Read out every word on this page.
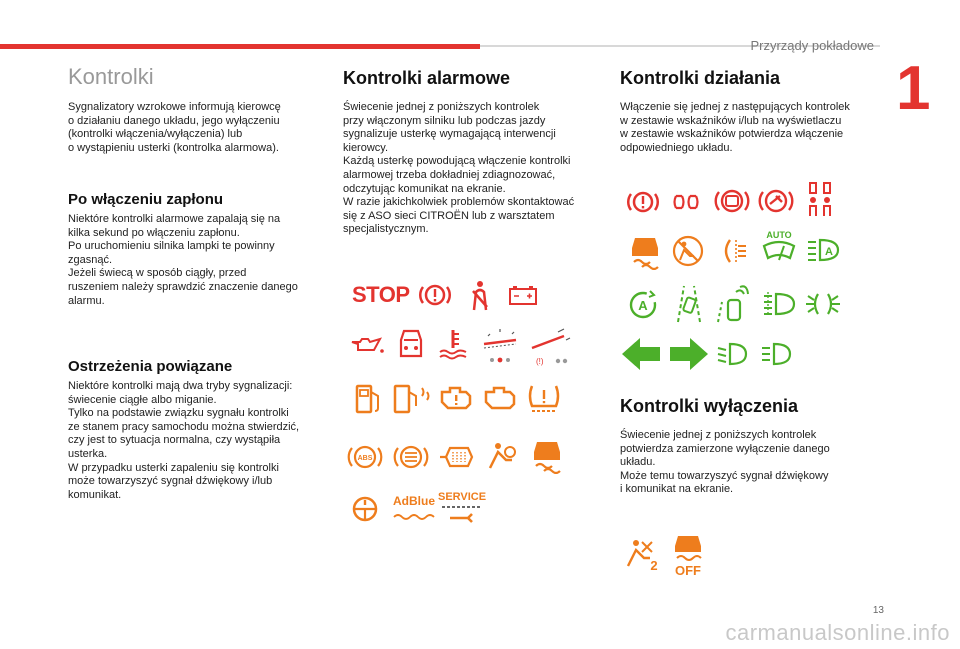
Przyrządy pokładowe
1
Kontrolki
Sygnalizatory wzrokowe informują kierowcę
o działaniu danego układu, jego wyłączeniu
(kontrolki włączenia/wyłączenia) lub
o wystąpieniu usterki (kontrolka alarmowa).
Po włączeniu zapłonu
Niektóre kontrolki alarmowe zapalają się na
kilka sekund po włączeniu zapłonu.
Po uruchomieniu silnika lampki te powinny
zgasnąć.
Jeżeli świecą w sposób ciągły, przed
ruszeniem należy sprawdzić znaczenie danego
alarmu.
Ostrzeżenia powiązane
Niektóre kontrolki mają dwa tryby sygnalizacji:
świecenie ciągłe albo miganie.
Tylko na podstawie związku sygnału kontrolki
ze stanem pracy samochodu można stwierdzić,
czy jest to sytuacja normalna, czy wystąpiła
usterka.
W przypadku usterki zapaleniu się kontrolki
może towarzyszyć sygnał dźwiękowy i/lub
komunikat.
Kontrolki alarmowe
Świecenie jednej z poniższych kontrolek
przy włączonym silniku lub podczas jazdy
sygnalizuje usterkę wymagającą interwencji
kierowcy.
Każdą usterkę powodującą włączenie kontrolki
alarmowej trzeba dokładniej zdiagnozować,
odczytując komunikat na ekranie.
W razie jakichkolwiek problemów skontaktować
się z ASO sieci CITROËN lub z warsztatem
specjalistycznym.
STOP
(!)
ABS
AdBlue SERVICE
Kontrolki działania
Włączenie się jednej z następujących kontrolek
w zestawie wskaźników i/lub na wyświetlaczu
w zestawie wskaźników potwierdza włączenie
odpowiedniego układu.
AUTO
A
A
Kontrolki wyłączenia
Świecenie jednej z poniższych kontrolek
potwierdza zamierzone wyłączenie danego
układu.
Może temu towarzyszyć sygnał dźwiękowy
i komunikat na ekranie.
2	OFF
13
carmanualsonline.info
